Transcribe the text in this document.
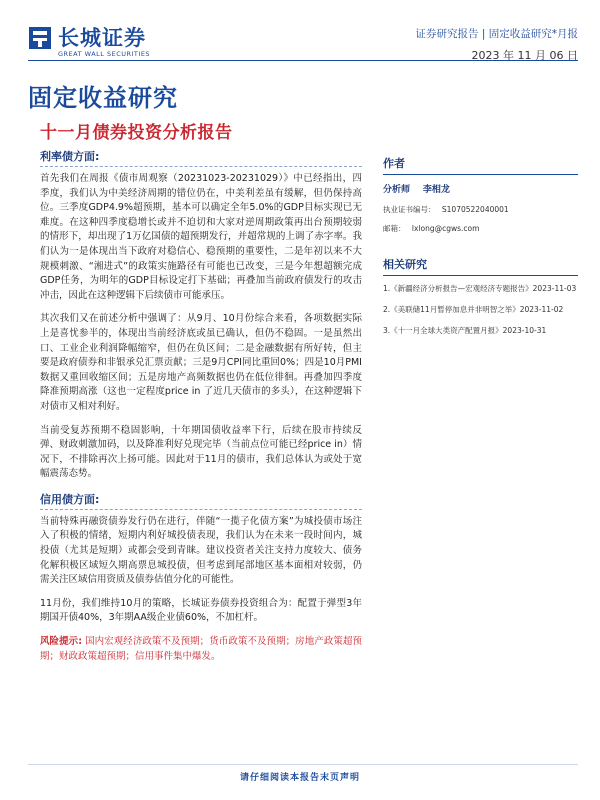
长城证券
GREAT WALL SECURITIES
证券研究报告 | 固定收益研究*月报
2023 年 11 月 06 日
固定收益研究
十一月债券投资分析报告
利率债方面:

首先我们在周报《债市周观察（20231023-20231029）》中已经指出，四季度，我们认为中美经济周期的错位仍在，中美利差虽有缓解，但仍保持高位。三季度GDP4.9%超预期，基本可以确定全年5.0%的GDP目标实现已无难度。在这种四季度稳增长或并不迫切和大家对逆周期政策再出台预期较弱的情形下，却出现了1万亿国债的超预期发行，并超常规的上调了赤字率。我们认为一是体现出当下政府对稳信心、稳预期的重要性，二是年初以来不大规模刺激、“湘进式”的政策实施路径有可能也已改变，三是今年想超额完成GDP任务，为明年的GDP目标设定打下基础；再叠加当前政府债发行的攻击冲击，因此在这种逻辑下后续债市可能承压。

其次我们又在前述分析中强调了：从9月、10月份综合来看，各项数据实际上是喜忧参半的，体现出当前经济底或虽已确认，但仍不稳固。一是虽然出口、工业企业利润降幅缩窄，但仍在负区间；二是金融数据有所好转，但主要是政府债券和非银承兑汇票贡献；三是9月CPI同比重回0%；四是10月PMI数据又重回收缩区间；五是房地产高频数据也仍在低位徘徊。再叠加四季度降准预期高涨（这也一定程度price in 了近几天债市的多头），在这种逻辑下对债市又相对利好。

当前受复苏预期不稳固影响，十年期国债收益率下行，后续在股市持续反弹、财政刺激加码，以及降准利好兑现完毕（当前点位可能已经price in）情况下，不排除再次上扬可能。因此对于11月的债市，我们总体认为或处于宽幅震荡态势。

信用债方面:

当前特殊再融资债券发行仍在进行，伴随“一揽子化债方案”为城投债市场注入了积极的情绪，短期内利好城投债表现，我们认为在未来一段时间内，城投债（尤其是短期）或都会受到青睐。建议投资者关注支持力度较大、债务化解积极区域短久期高票息城投债，但考虑到尾部地区基本面相对较弱，仍需关注区域信用资质及债券估值分化的可能性。

11月份，我们维持10月的策略，长城证券债券投资组合为：配置于弹型3年期国开债40%，3年期AA级企业债60%，不加杠杆。

风险提示: 国内宏观经济政策不及预期；货币政策不及预期；房地产政策超预期；财政政策超预期；信用事件集中爆发。

作者
分析师 李相龙
执业证书编号： S1070522040001
邮箱： lxlong@cgws.com
相关研究
1.《新疆经济分析报告—宏观经济专题报告》2023-11-03
2.《美联储11月暂停加息并非明智之举》2023-11-02
3.《十一月全球大类资产配置月报》2023-10-31
请仔细阅读本报告末页声明
